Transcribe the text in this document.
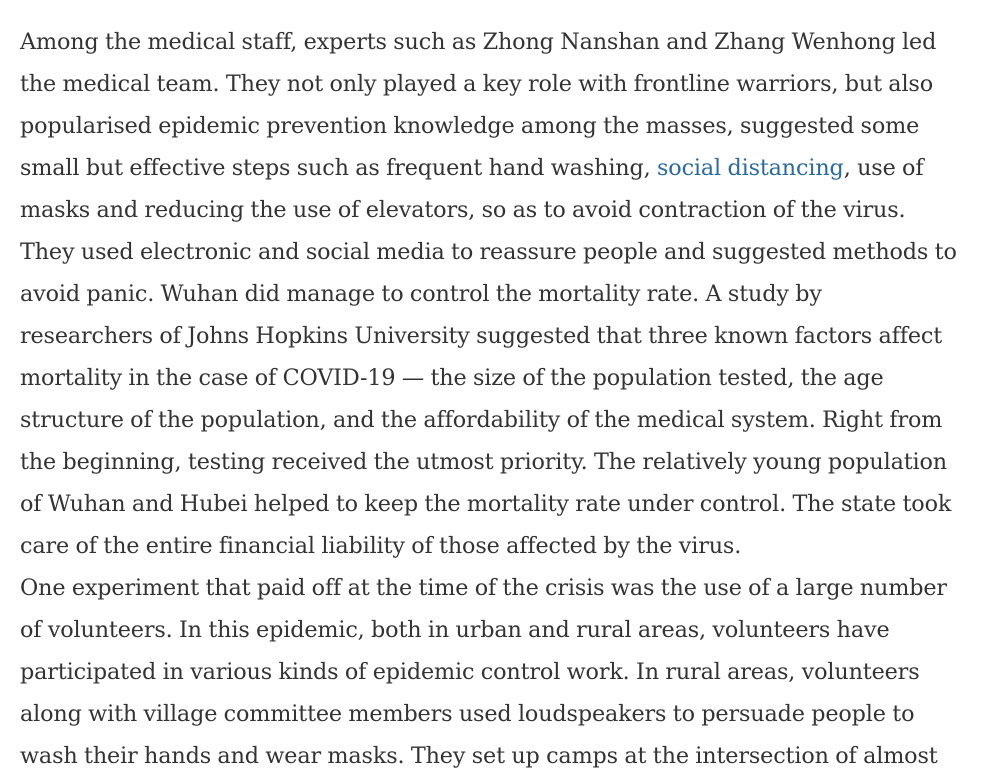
Among the medical staff, experts such as Zhong Nanshan and Zhang Wenhong led
the medical team. They not only played a key role with frontline warriors, but also
popularised epidemic prevention knowledge among the masses, suggested some
small but effective steps such as frequent hand washing, social distancing, use of
masks and reducing the use of elevators, so as to avoid contraction of the virus.
They used electronic and social media to reassure people and suggested methods to
avoid panic. Wuhan did manage to control the mortality rate. A study by
researchers of Johns Hopkins University suggested that three known factors affect
mortality in the case of COVID-19 — the size of the population tested, the age
structure of the population, and the affordability of the medical system. Right from
the beginning, testing received the utmost priority. The relatively young population
of Wuhan and Hubei helped to keep the mortality rate under control. The state took
care of the entire financial liability of those affected by the virus.

One experiment that paid off at the time of the crisis was the use of a large number
of volunteers. In this epidemic, both in urban and rural areas, volunteers have
participated in various kinds of epidemic control work. In rural areas, volunteers
along with village committee members used loudspeakers to persuade people to
wash their hands and wear masks. They set up camps at the intersection of almost
